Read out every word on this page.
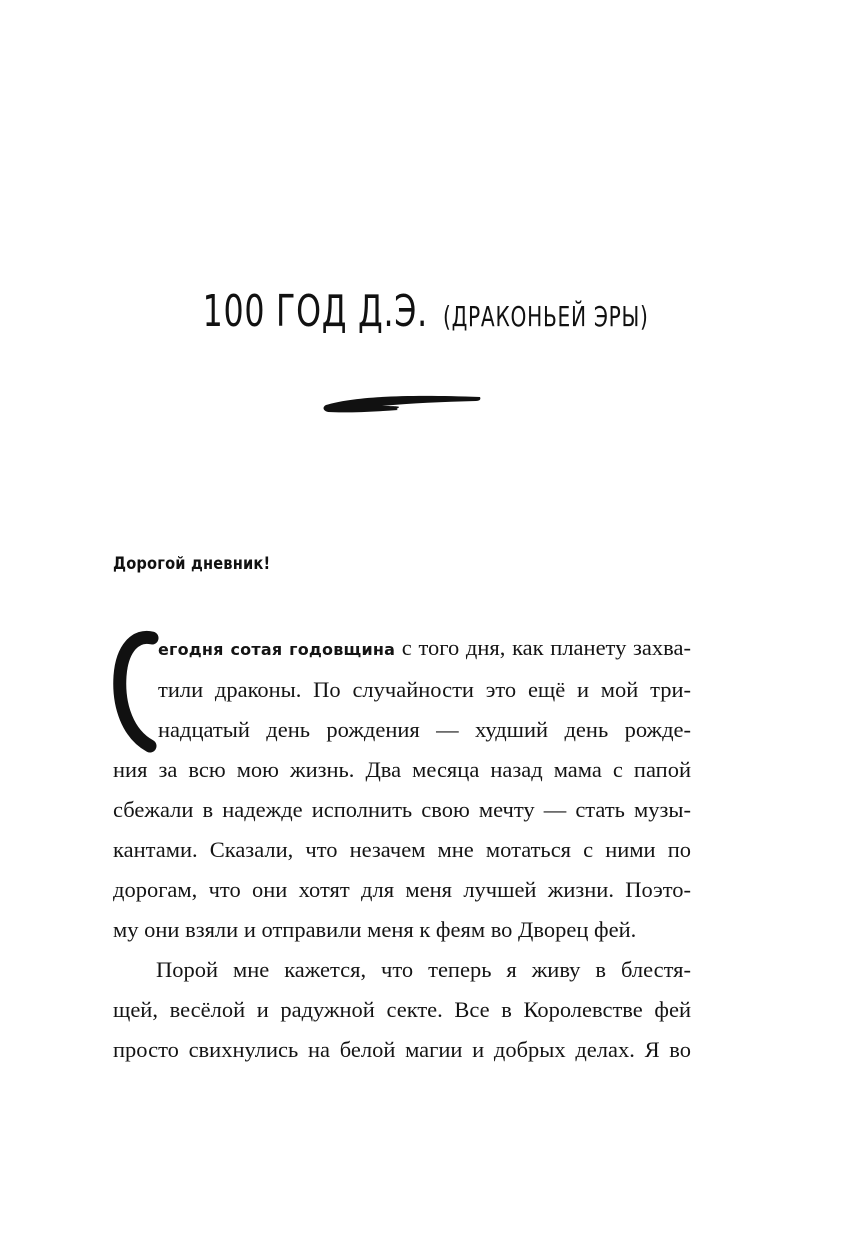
100 ГОД Д.Э. (ДРАКОНЬЕЙ ЭРЫ)
Дорогой дневник!
С

егодня сотая годовщина с того дня, как планету захва-
тили драконы. По случайности это ещё и мой три-
надцатый день рождения — худший день рожде-
ния за всю мою жизнь. Два месяца назад мама с папой
сбежали в надежде исполнить свою мечту — стать музы-
кантами. Сказали, что незачем мне мотаться с ними по
дорогам, что они хотят для меня лучшей жизни. Поэто-
му они взяли и отправили меня к феям во Дворец фей.

Порой мне кажется, что теперь я живу в блестя-
щей, весёлой и радужной секте. Все в Королевстве фей
просто свихнулись на белой магии и добрых делах. Я во
